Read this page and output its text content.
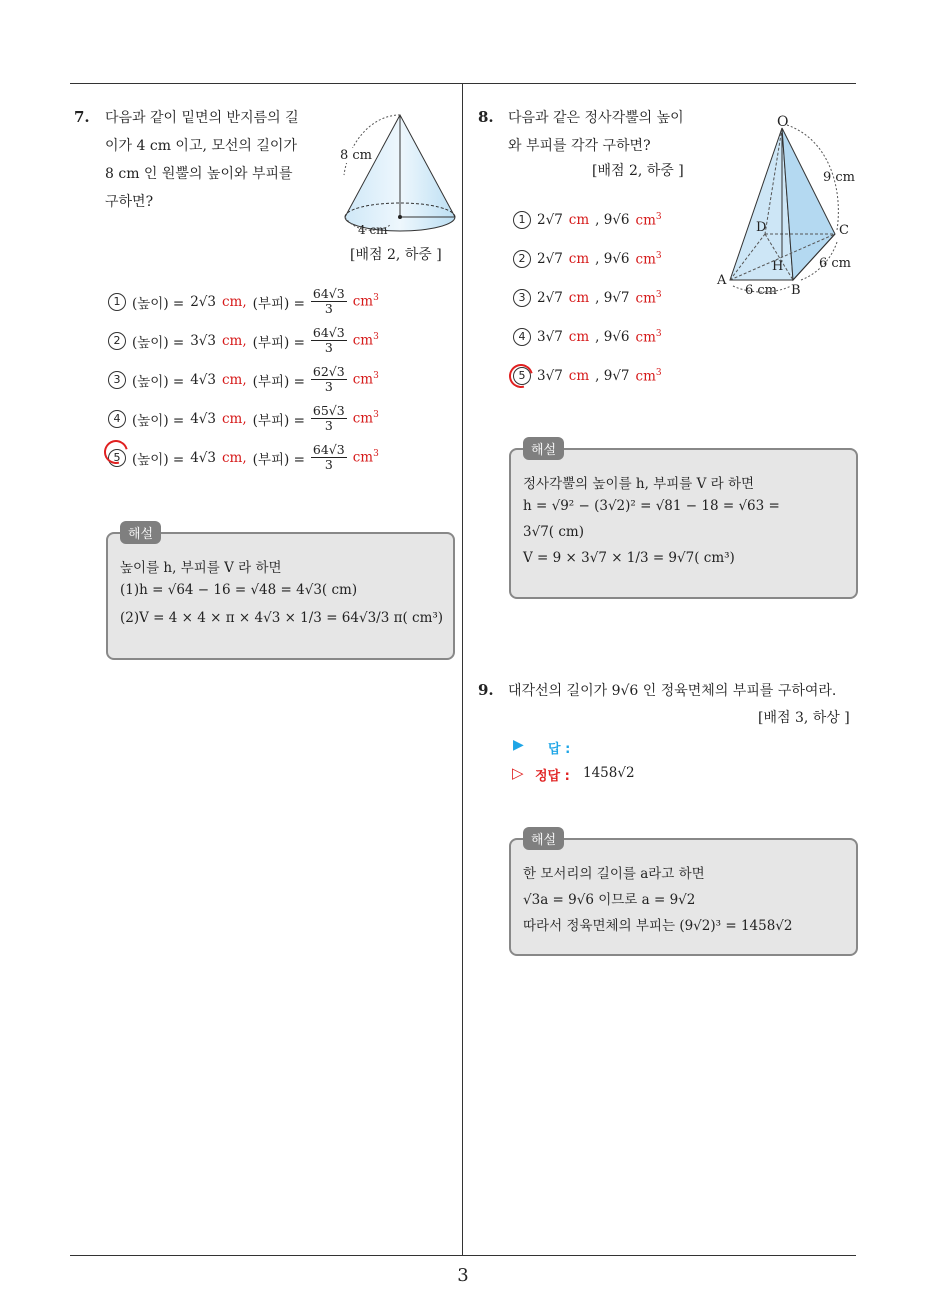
3
7. 다음과 같이 밑면의 반지름의 길
이가 4 cm 이고, 모선의 길이가
8 cm 인 원뿔의 높이와 부피를
구하면?
8 cm
4 cm
[배점 2, 하중 ]
1 (높이) = 2√3 cm, (부피) = $\frac{64√3}{3} cm^3$
2 (높이) = 3√3 cm, (부피) = $\frac{64√3}{3} cm^3$
3 (높이) = 4√3 cm, (부피) = $\frac{62√3}{3} cm^3$
4 (높이) = 4√3 cm, (부피) = $\frac{65√3}{3} cm^3$
5 (높이) = 4√3 cm, (부피) = $\frac{64√3}{3} cm^3$
해설
높이를 h, 부피를 V 라 하면
(1)h = √64 − 16 = √48 = 4√3( cm)
(2)V = 4 × 4 × π × 4√3 × 1/3 = 64√3/3 π( cm³)
8. 다음과 같은 정사각뿔의 높이
와 부피를 각각 구하면?
[배점 2, 하중 ]
O
D	C
H
A
B
9 cm
6 cm
6 cm
1 2√7 cm , 9√6 $cm^3$
2 2√7 cm , 9√6 $cm^3$
3 2√7 cm , 9√7 $cm^3$
4 3√7 cm , 9√6 $cm^3$
5 3√7 cm , 9√7 $cm^3$
해설
정사각뿔의 높이를 h, 부피를 V 라 하면
h = √9² − (3√2)² = √81 − 18 = √63 =
3√7( cm)
V = 9 × 3√7 × 1/3 = 9√7( cm³)
9. 대각선의 길이가 9√6 인 정육면체의 부피를 구하여라.
[배점 3, 하상 ]
▶ 답 :
▷ 정답 : 1458√2
해설
한 모서리의 길이를 a라고 하면
√3a = 9√6 이므로 a = 9√2
따라서 정육면체의 부피는 (9√2)³ = 1458√2
